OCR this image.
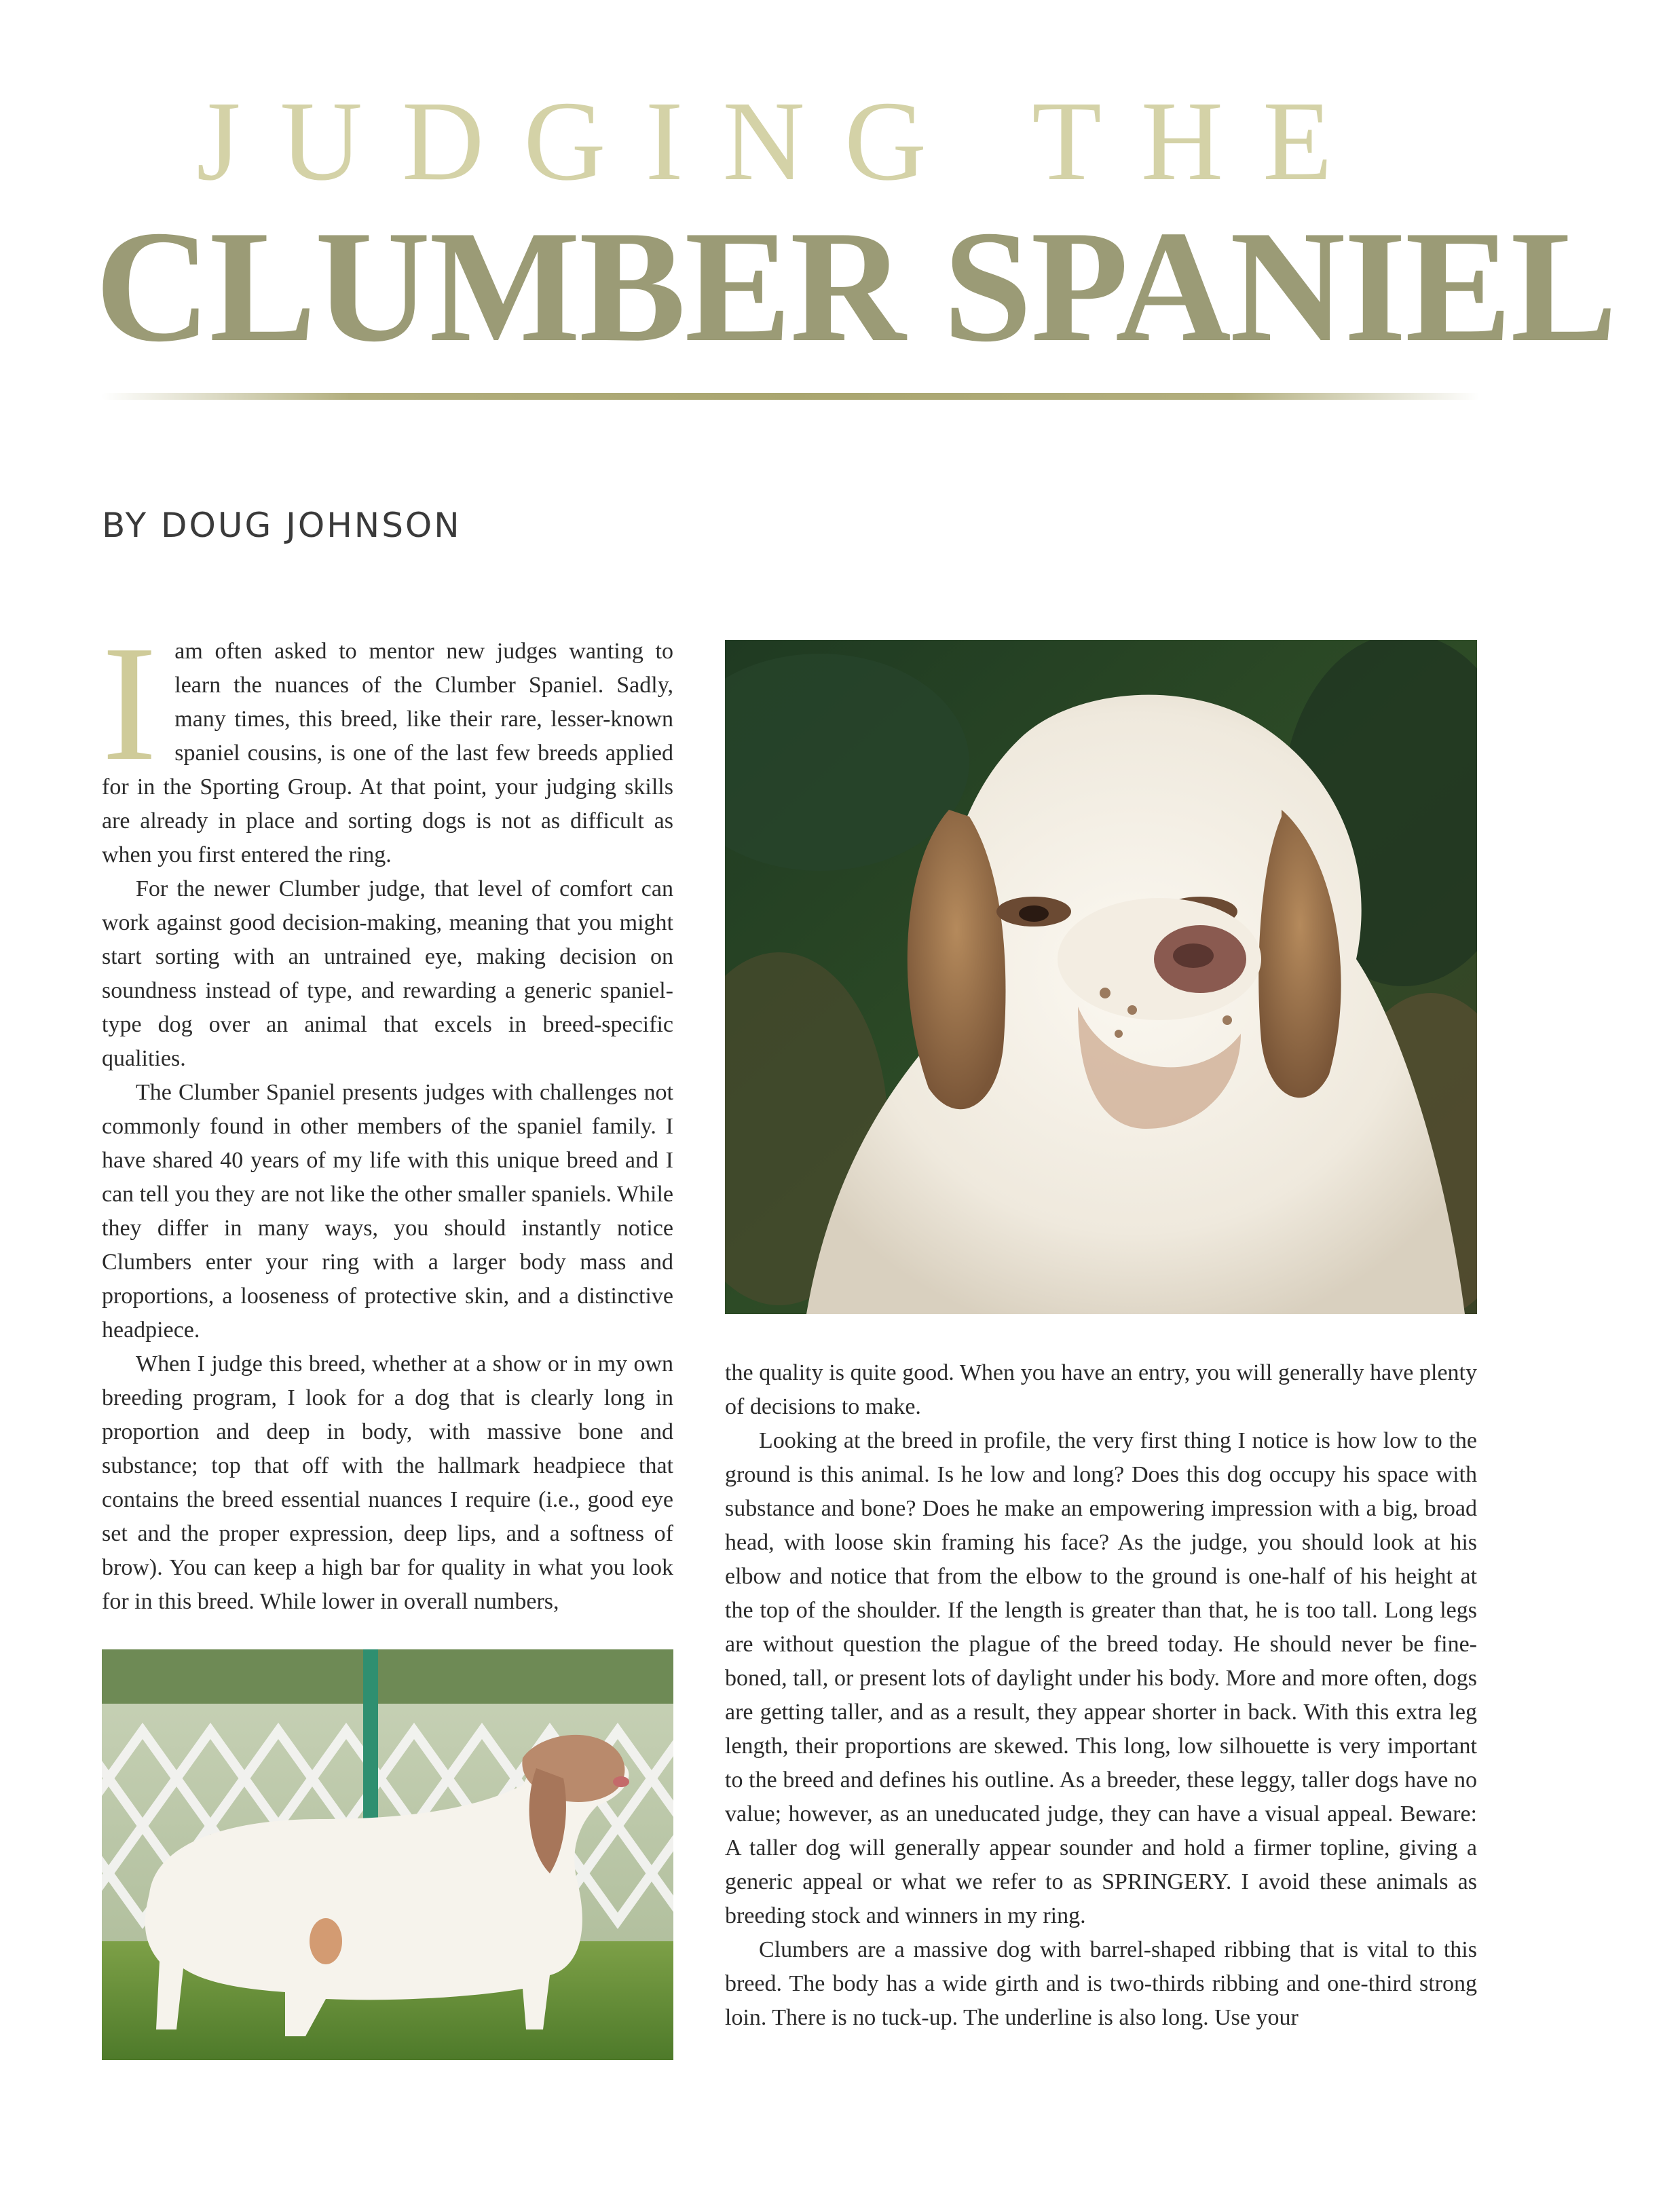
JUDGING THE
CLUMBER SPANIEL
BY DOUG JOHNSON

Iam often asked to mentor new judges wanting to learn the nuances of the Clumber Spaniel. Sadly, many times, this breed, like their rare, lesser-known spaniel cousins, is one of the last few breeds applied for in the Sporting Group. At that point, your judging skills are already in place and sorting dogs is not as difficult as when you first entered the ring.

For the newer Clumber judge, that level of comfort can work against good decision-making, meaning that you might start sorting with an untrained eye, making decision on soundness instead of type, and rewarding a generic spaniel-type dog over an animal that excels in breed-specific qualities.

The Clumber Spaniel presents judges with challenges not commonly found in other members of the spaniel family. I have shared 40 years of my life with this unique breed and I can tell you they are not like the other smaller spaniels. While they differ in many ways, you should instantly notice Clumbers enter your ring with a larger body mass and proportions, a looseness of protective skin, and a distinctive headpiece.

When I judge this breed, whether at a show or in my own breeding program, I look for a dog that is clearly long in proportion and deep in body, with massive bone and substance; top that off with the hallmark headpiece that contains the breed essential nuances I require (i.e., good eye set and the proper expression, deep lips, and a softness of brow). You can keep a high bar for quality in what you look for in this breed. While lower in overall numbers,

the quality is quite good. When you have an entry, you will generally have plenty of decisions to make.

Looking at the breed in profile, the very first thing I notice is how low to the ground is this animal. Is he low and long? Does this dog occupy his space with substance and bone? Does he make an empowering impression with a big, broad head, with loose skin framing his face? As the judge, you should look at his elbow and notice that from the elbow to the ground is one-half of his height at the top of the shoulder. If the length is greater than that, he is too tall. Long legs are without question the plague of the breed today. He should never be fine-boned, tall, or present lots of daylight under his body. More and more often, dogs are getting taller, and as a result, they appear shorter in back. With this extra leg length, their proportions are skewed. This long, low silhouette is very important to the breed and defines his outline. As a breeder, these leggy, taller dogs have no value; however, as an uneducated judge, they can have a visual appeal. Beware: A taller dog will generally appear sounder and hold a firmer topline, giving a generic appeal or what we refer to as SPRINGERY. I avoid these animals as breeding stock and winners in my ring.

Clumbers are a massive dog with barrel-shaped ribbing that is vital to this breed. The body has a wide girth and is two-thirds ribbing and one-third strong loin. There is no tuck-up. The underline is also long. Use your
